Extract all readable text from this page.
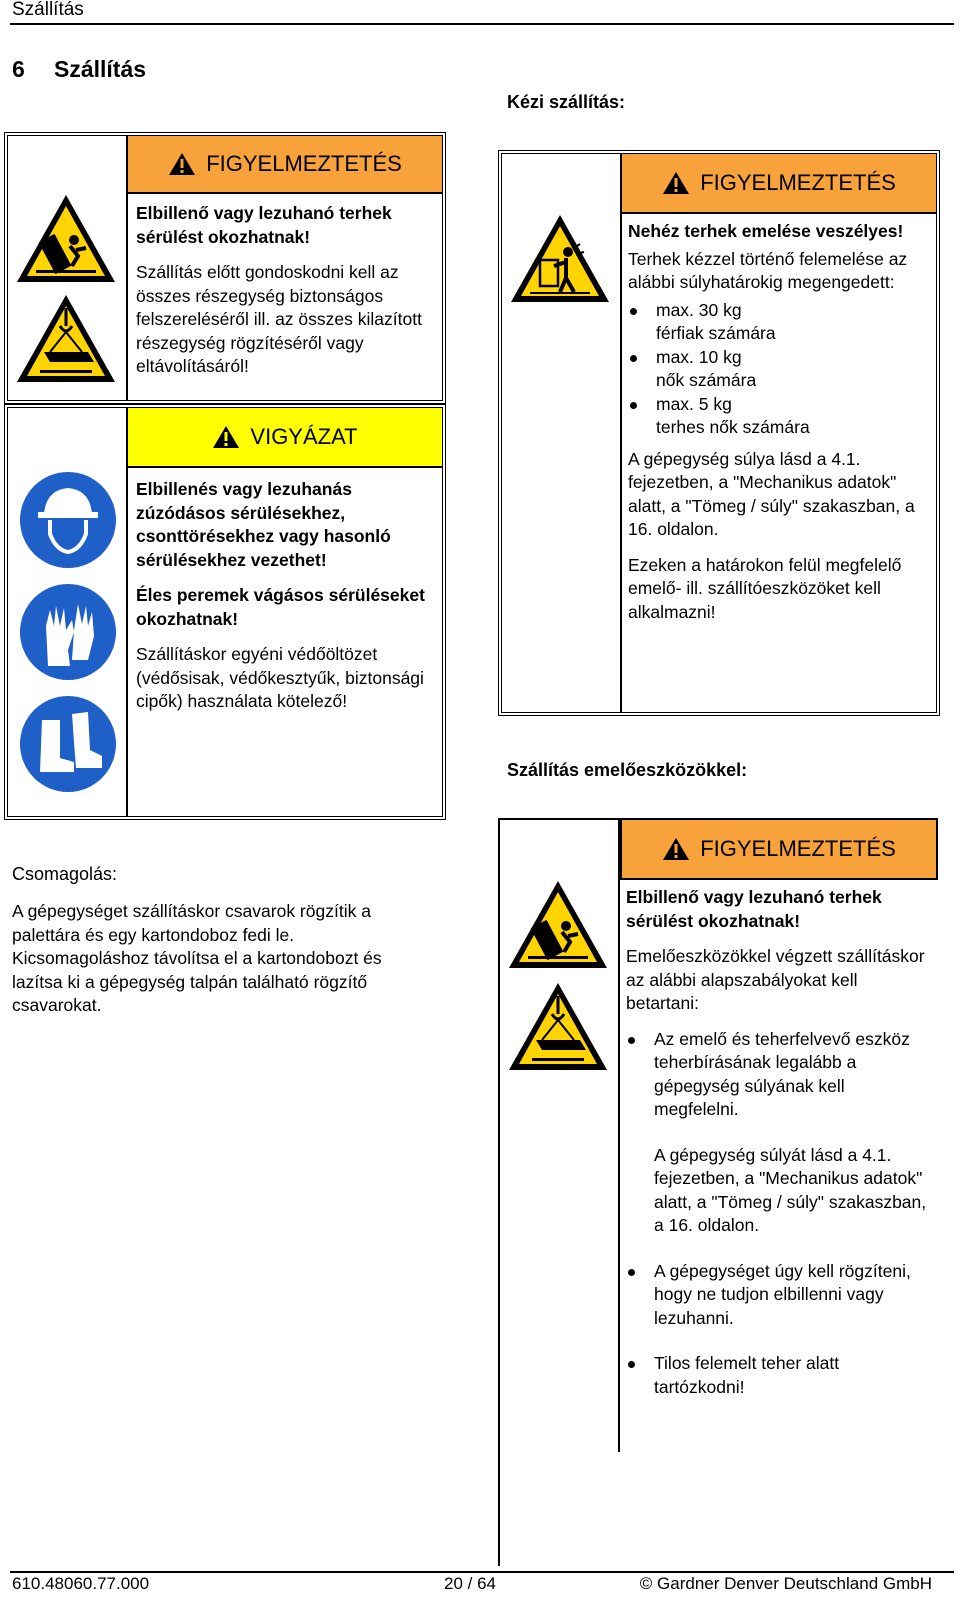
Szállítás
6 Szállítás
FIGYELMEZTETÉS

Elbillenő vagy lezuhanó terhek sérülést okozhatnak!

Szállítás előtt gondoskodni kell az összes részegység biztonságos felszereléséről ill. az összes kilazított részegység rögzítéséről vagy eltávolításáról!

VIGYÁZAT

Elbillenés vagy lezuhanás zúzódásos sérülésekhez, csonttörésekhez vagy hasonló sérülésekhez vezethet!

Éles peremek vágásos sérüléseket okozhatnak!

Szállításkor egyéni védőöltözet (védősisak, védőkesztyűk, biztonsági cipők) használata kötelező!

Csomagolás:
A gépegységet szállításkor csavarok rögzítik a palettára és egy kartondoboz fedi le. Kicsomagoláshoz távolítsa el a kartondobozt és lazítsa ki a gépegység talpán található rögzítő csavarokat.
Kézi szállítás:
FIGYELMEZTETÉS

Nehéz terhek emelése veszélyes!

Terhek kézzel történő felemelése az alábbi súlyhatárokig megengedett:

max. 30 kg
férfiak számára
max. 10 kg
nők számára
max. 5 kg
terhes nők számára

A gépegység súlya lásd a 4.1. fejezetben, a "Mechanikus adatok" alatt, a "Tömeg / súly" szakaszban, a 16. oldalon.

Ezeken a határokon felül megfelelő emelő- ill. szállítóeszközöket kell alkalmazni!

Szállítás emelőeszközökkel:
FIGYELMEZTETÉS

Elbillenő vagy lezuhanó terhek sérülést okozhatnak!

Emelőeszközökkel végzett szállításkor az alábbi alapszabályokat kell betartani:

Az emelő és teherfelvevő eszköz teherbírásának legalább a gépegység súlyának kell megfelelni.
A gépegység súlyát lásd a 4.1. fejezetben, a "Mechanikus adatok" alatt, a "Tömeg / súly" szakaszban, a 16. oldalon.
A gépegységet úgy kell rögzíteni, hogy ne tudjon elbillenni vagy lezuhanni.
Tilos felemelt teher alatt tartózkodni!
610.48060.77.000	20 / 64	© Gardner Denver Deutschland GmbH
